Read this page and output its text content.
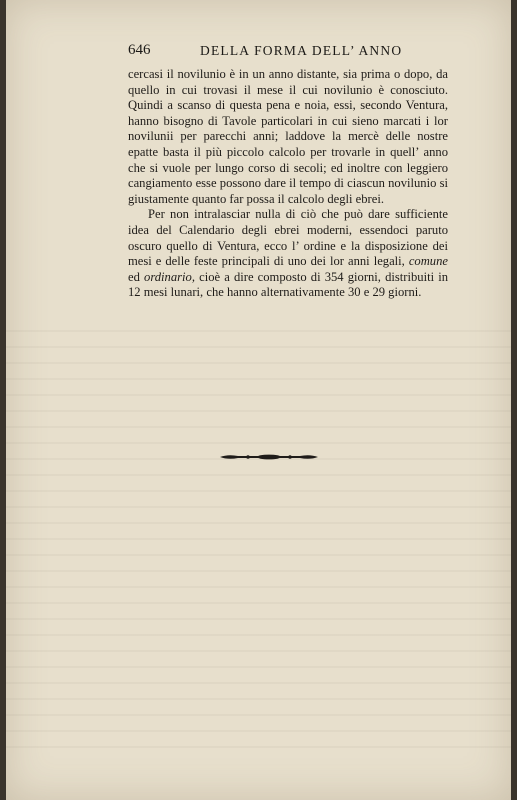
646	DELLA FORMA DELL’ ANNO

cercasi il novilunio è in un anno distante, sia prima o dopo, da quello in cui trovasi il mese il cui novilunio è conosciuto. Quindi a scanso di questa pena e noia, essi, secondo Ventura, hanno bisogno di Tavole particolari in cui sieno marcati i lor novilunii per parecchi anni; laddove la mercè delle nostre epatte basta il più piccolo calcolo per trovarle in quell’ anno che si vuole per lungo corso di secoli; ed inoltre con leggiero cangiamento esse possono dare il tempo di ciascun novilunio si giustamente quanto far possa il calcolo degli ebrei.

Per non intralasciar nulla di ciò che può dare sufficiente idea del Calendario degli ebrei moderni, essendoci paruto oscuro quello di Ventura, ecco l’ ordine e la disposizione dei mesi e delle feste principali di uno dei lor anni legali, comune ed ordinario, cioè a dire composto di 354 giorni, distribuiti in 12 mesi lunari, che hanno alternativamente 30 e 29 giorni.
